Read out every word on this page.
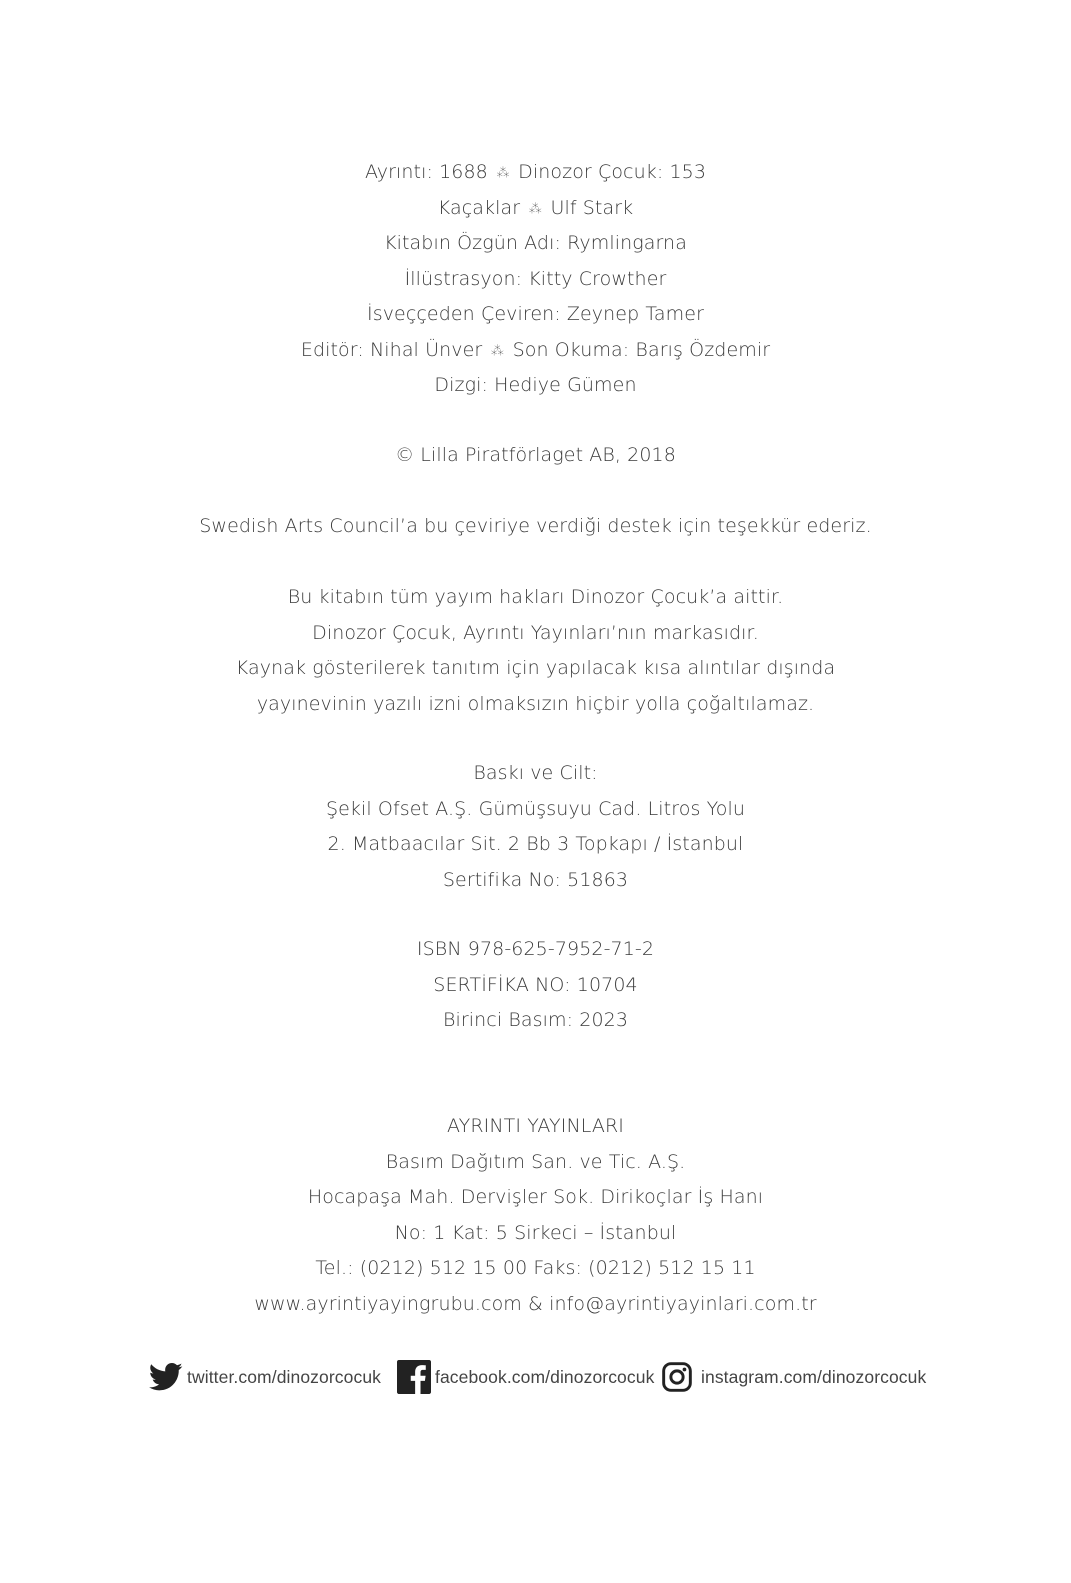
Ayrıntı: 1688 ⁂ Dinozor Çocuk: 153
Kaçaklar ⁂ Ulf Stark
Kitabın Özgün Adı: Rymlingarna
İllüstrasyon: Kitty Crowther
İsveççeden Çeviren: Zeynep Tamer
Editör: Nihal Ünver ⁂ Son Okuma: Barış Özdemir
Dizgi: Hediye Gümen
© Lilla Piratförlaget AB, 2018
Swedish Arts Council’a bu çeviriye verdiği destek için teşekkür ederiz.
Bu kitabın tüm yayım hakları Dinozor Çocuk’a aittir.
Dinozor Çocuk, Ayrıntı Yayınları’nın markasıdır.
Kaynak gösterilerek tanıtım için yapılacak kısa alıntılar dışında
yayınevinin yazılı izni olmaksızın hiçbir yolla çoğaltılamaz.
Baskı ve Cilt:
Şekil Ofset A.Ş. Gümüşsuyu Cad. Litros Yolu
2. Matbaacılar Sit. 2 Bb 3 Topkapı / İstanbul
Sertifika No: 51863
ISBN 978-625-7952-71-2
SERTİFİKA NO: 10704
Birinci Basım: 2023
AYRINTI YAYINLARI
Basım Dağıtım San. ve Tic. A.Ş.
Hocapaşa Mah. Dervişler Sok. Dirikoçlar İş Hanı
No: 1 Kat: 5 Sirkeci – İstanbul
Tel.: (0212) 512 15 00 Faks: (0212) 512 15 11
www.ayrintiyayingrubu.com & info@ayrintiyayinlari.com.tr
twitter.com/dinozorcocuk	facebook.com/dinozorcocuk	instagram.com/dinozorcocuk
